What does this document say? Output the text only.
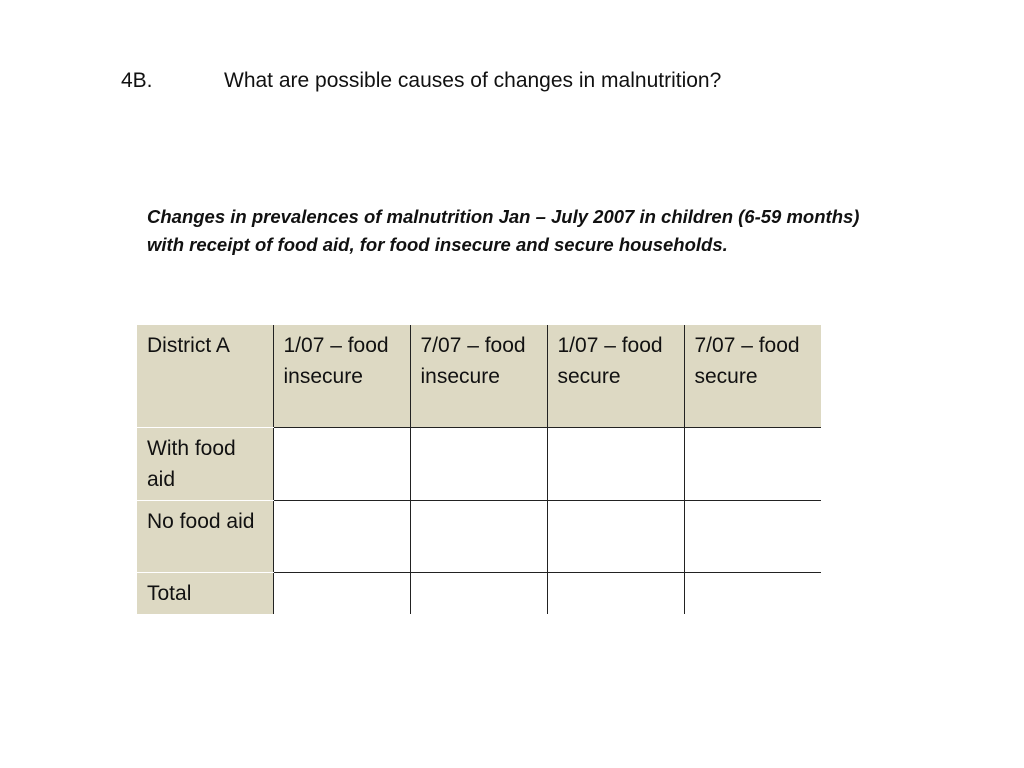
4B.	What are possible causes of changes in malnutrition?
Changes in prevalences of malnutrition Jan – July 2007 in children (6-59 months) with receipt of food aid, for food insecure and secure households.
District A	1/07 – food insecure	7/07 – food insecure	1/07 – food secure	7/07 – food secure
With food aid				
No food aid				
Total				
